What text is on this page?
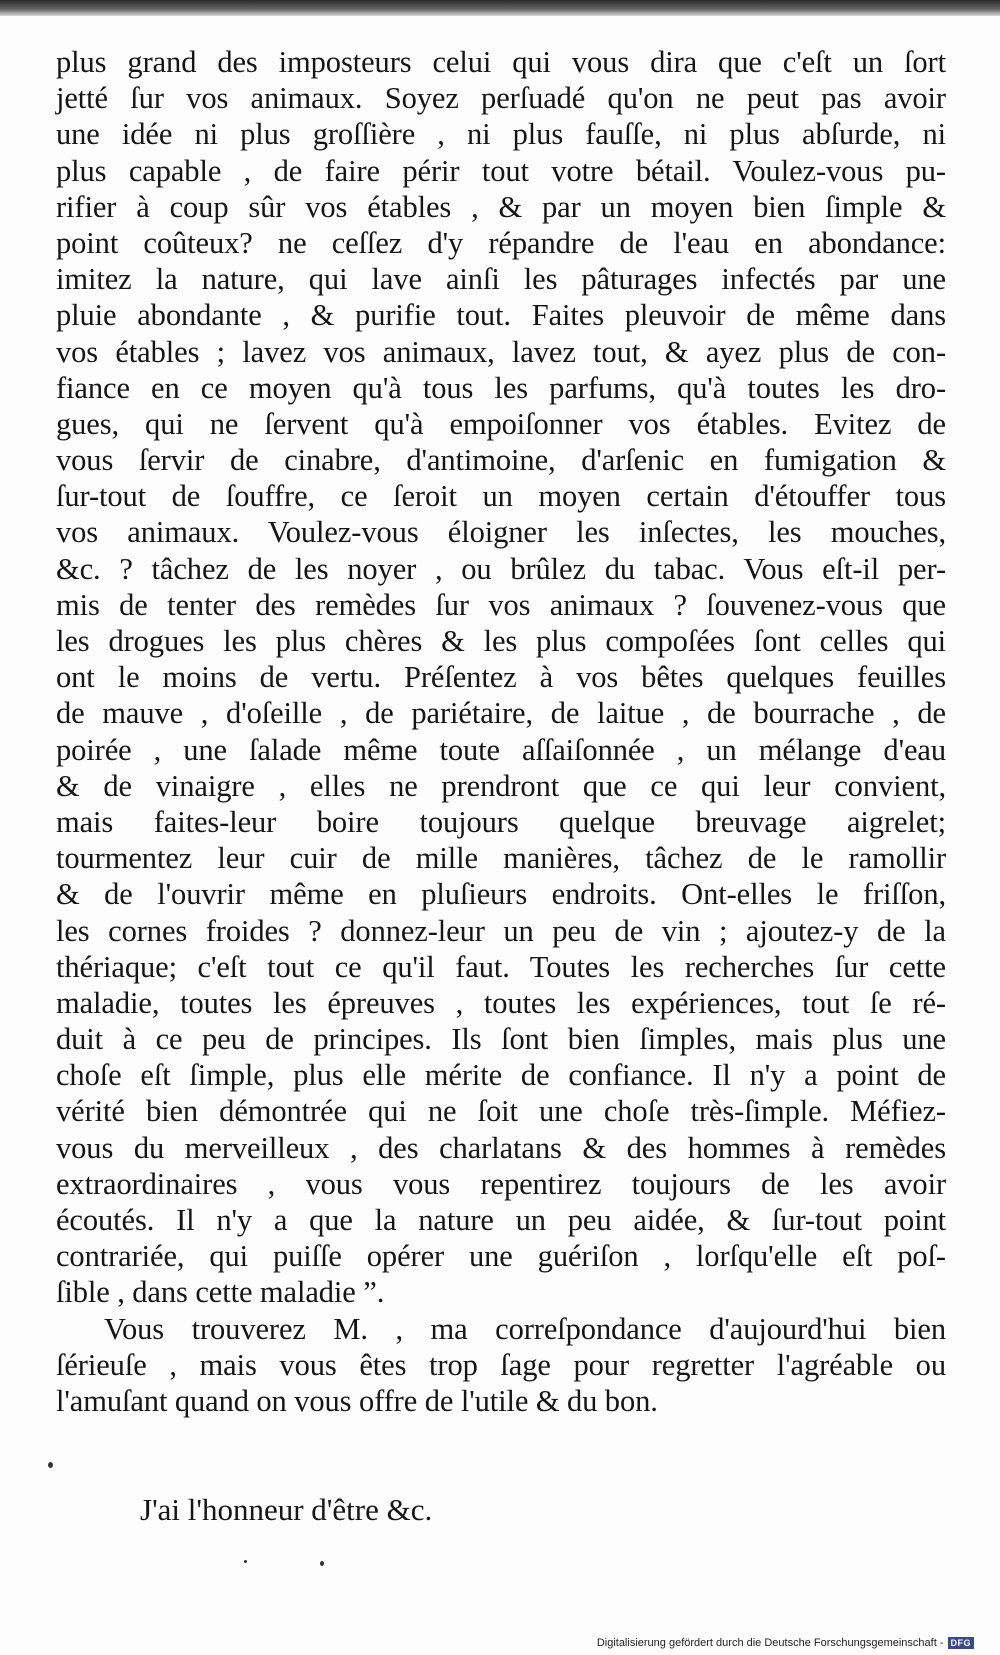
plus grand des imposteurs celui qui vous dira que c'eſt un ſort
jetté ſur vos animaux. Soyez perſuadé qu'on ne peut pas avoir
une idée ni plus groſſière , ni plus fauſſe, ni plus abſurde, ni
plus capable , de faire périr tout votre bétail. Voulez-vous pu-
rifier à coup sûr vos étables , & par un moyen bien ſimple &
point coûteux? ne ceſſez d'y répandre de l'eau en abondance:
imitez la nature, qui lave ainſi les pâturages infectés par une
pluie abondante , & purifie tout. Faites pleuvoir de même dans
vos étables ; lavez vos animaux, lavez tout, & ayez plus de con-
fiance en ce moyen qu'à tous les parfums, qu'à toutes les dro-
gues, qui ne ſervent qu'à empoiſonner vos étables. Evitez de
vous ſervir de cinabre, d'antimoine, d'arſenic en fumigation &
ſur-tout de ſouffre, ce ſeroit un moyen certain d'étouffer tous
vos animaux. Voulez-vous éloigner les inſectes, les mouches,
&c. ? tâchez de les noyer , ou brûlez du tabac. Vous eſt-il per-
mis de tenter des remèdes ſur vos animaux ? ſouvenez-vous que
les drogues les plus chères & les plus compoſées ſont celles qui
ont le moins de vertu. Préſentez à vos bêtes quelques feuilles
de mauve , d'oſeille , de pariétaire, de laitue , de bourrache , de
poirée , une ſalade même toute aſſaiſonnée , un mélange d'eau
& de vinaigre , elles ne prendront que ce qui leur convient,
mais faites-leur boire toujours quelque breuvage aigrelet;
tourmentez leur cuir de mille manières, tâchez de le ramollir
& de l'ouvrir même en pluſieurs endroits. Ont-elles le friſſon,
les cornes froides ? donnez-leur un peu de vin ; ajoutez-y de la
thériaque; c'eſt tout ce qu'il faut. Toutes les recherches ſur cette
maladie, toutes les épreuves , toutes les expériences, tout ſe ré-
duit à ce peu de principes. Ils ſont bien ſimples, mais plus une
choſe eſt ſimple, plus elle mérite de confiance. Il n'y a point de
vérité bien démontrée qui ne ſoit une choſe très-ſimple. Méfiez-
vous du merveilleux , des charlatans & des hommes à remèdes
extraordinaires , vous vous repentirez toujours de les avoir
écoutés. Il n'y a que la nature un peu aidée, & ſur-tout point
contrariée, qui puiſſe opérer une guériſon , lorſqu'elle eſt poſ-
ſible , dans cette maladie ”.
Vous trouverez M. , ma correſpondance d'aujourd'hui bien
ſérieuſe , mais vous êtes trop ſage pour regretter l'agréable ou
l'amuſant quand on vous offre de l'utile & du bon.
J'ai l'honneur d'être &c.
Digitalisierung gefördert durch die Deutsche Forschungsgemeinschaft - DFG
